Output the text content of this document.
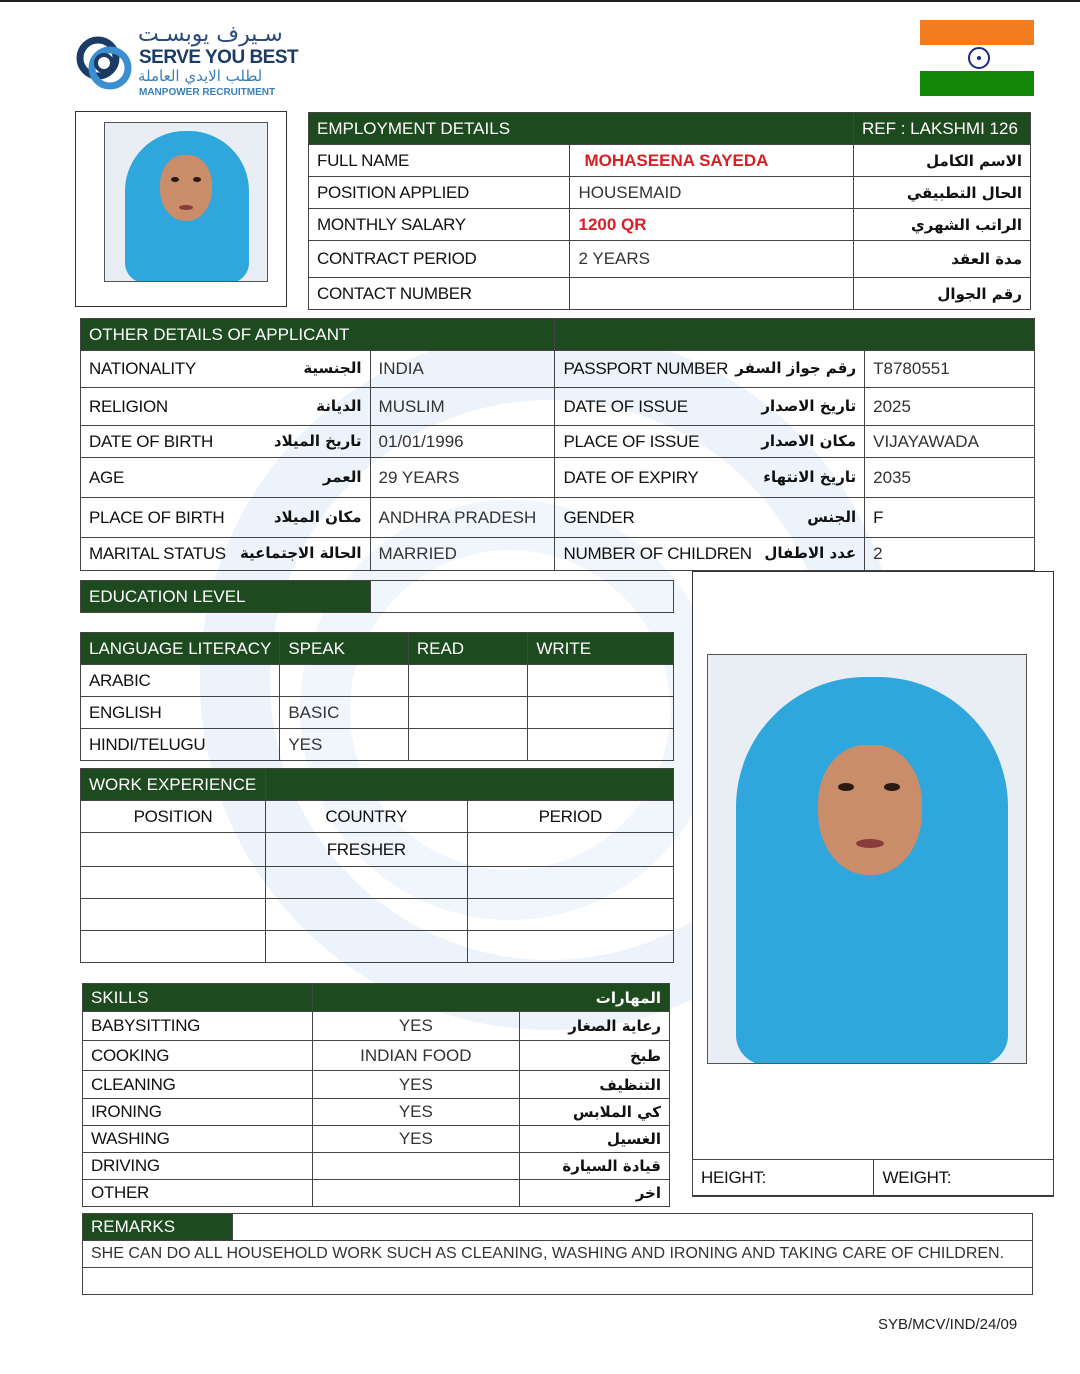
سـيرف يوبسـت
SERVE YOU BEST
لطلب الايدي العاملة
MANPOWER RECRUITMENT
EMPLOYMENT DETAILS		REF : LAKSHMI 126
FULL NAME	MOHASEENA SAYEDA	الاسم الكامل
POSITION APPLIED	HOUSEMAID	الحال التطبيقي
MONTHLY SALARY	1200 QR	الراتب الشهري
CONTRACT PERIOD	2 YEARS	مدة العقد
CONTACT NUMBER		رقم الجوال
OTHER DETAILS OF APPLICANT			
NATIONALITY الجنسية	INDIA	PASSPORT NUMBER رقم جواز السفر	T8780551
RELIGION الديانة	MUSLIM	DATE OF ISSUE تاريخ الاصدار	2025
DATE OF BIRTH تاريخ الميلاد	01/01/1996	PLACE OF ISSUE مكان الاصدار	VIJAYAWADA
AGE العمر	29 YEARS	DATE OF EXPIRY تاريخ الانتهاء	2035
PLACE OF BIRTH مكان الميلاد	ANDHRA PRADESH	GENDER الجنس	F
MARITAL STATUS الحالة الاجتماعية	MARRIED	NUMBER OF CHILDREN عدد الاطفال	2
EDUCATION LEVEL	
LANGUAGE LITERACY	SPEAK	READ	WRITE
ARABIC			
ENGLISH	BASIC		
HINDI/TELUGU	YES		
WORK EXPERIENCE		
POSITION	COUNTRY	PERIOD
	FRESHER	

HEIGHT:	WEIGHT:
SKILLS	المهارات	
BABYSITTING	YES	رعاية الصغار
COOKING	INDIAN FOOD	طبخ
CLEANING	YES	التنظيف
IRONING	YES	كي الملابس
WASHING	YES	الغسيل
DRIVING		قيادة السيارة
OTHER		اخر
REMARKS	
SHE CAN DO ALL HOUSEHOLD WORK SUCH AS CLEANING, WASHING AND IRONING AND TAKING CARE OF CHILDREN.

SYB/MCV/IND/24/09
